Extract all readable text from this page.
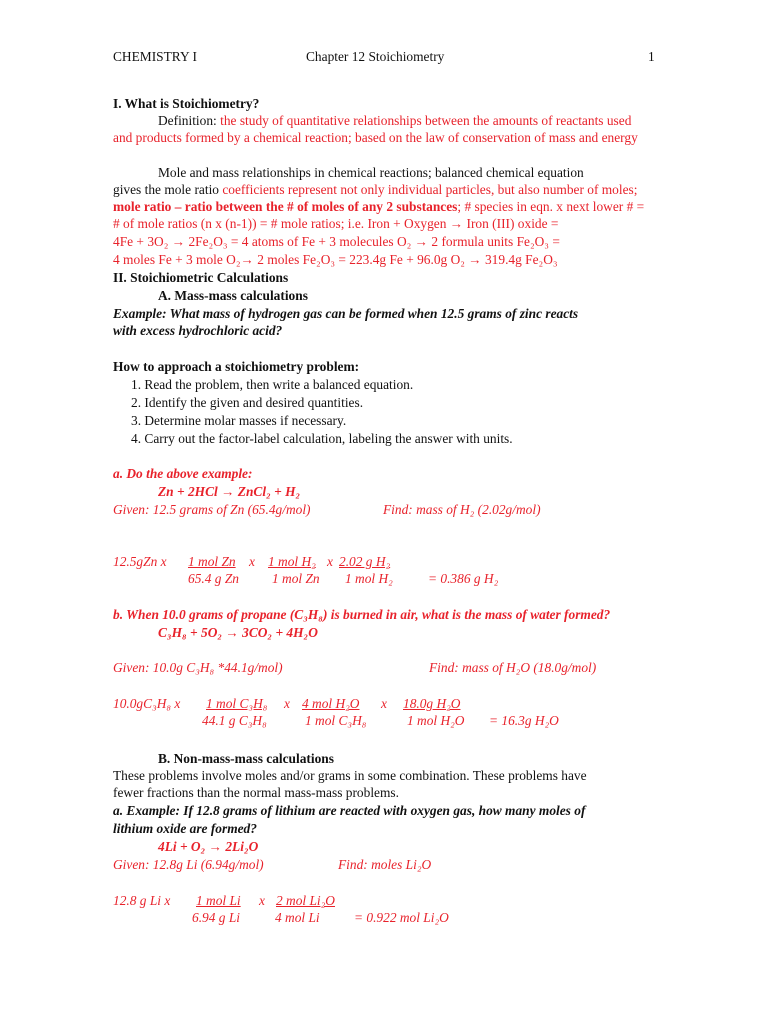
CHEMISTRY I	Chapter 12 Stoichiometry	1
I. What is Stoichiometry?
Definition: the study of quantitative relationships between the amounts of reactants used
and products formed by a chemical reaction; based on the law of conservation of mass and energy
Mole and mass relationships in chemical reactions; balanced chemical equation
gives the mole ratio coefficients represent not only individual particles, but also number of moles;
mole ratio – ratio between the # of moles of any 2 substances; # species in eqn. x next lower # =
# of mole ratios (n x (n-1)) = # mole ratios; i.e. Iron + Oxygen → Iron (III) oxide =
4Fe + 3O₂ → 2Fe₂O₃ = 4 atoms of Fe + 3 molecules O₂ → 2 formula units Fe₂O₃ =
4 moles Fe + 3 mole O₂→ 2 moles Fe₂O₃ = 223.4g Fe + 96.0g O₂ → 319.4g Fe₂O₃
II. Stoichiometric Calculations
A. Mass-mass calculations
Example: What mass of hydrogen gas can be formed when 12.5 grams of zinc reacts
with excess hydrochloric acid?
How to approach a stoichiometry problem:
1. Read the problem, then write a balanced equation.
2. Identify the given and desired quantities.
3. Determine molar masses if necessary.
4. Carry out the factor-label calculation, labeling the answer with units.
a. Do the above example:
Zn + 2HCl → ZnCl₂ + H₂
Given: 12.5 grams of Zn (65.4g/mol)	Find: mass of H₂ (2.02g/mol)
12.5gZn x 1 mol Zn x 1 mol H₂ x 2.02 g H₂
65.4 g Zn 1 mol Zn 1 mol H₂	= 0.386 g H₂
b. When 10.0 grams of propane (C₃H₈) is burned in air, what is the mass of water formed?
C₃H₈ + 5O₂ → 3CO₂ + 4H₂O
Given: 10.0g C₃H₈ *44.1g/mol)	Find: mass of H₂O (18.0g/mol)
10.0gC₃H₈ x 1 mol C₃H₈ x 4 mol H₂O x 18.0g H₂O
44.1 g C₃H₈	1 mol C₃H₈	1 mol H₂O = 16.3g H₂O
B. Non-mass-mass calculations
These problems involve moles and/or grams in some combination. These problems have
fewer fractions than the normal mass-mass problems.
a. Example: If 12.8 grams of lithium are reacted with oxygen gas, how many moles of
lithium oxide are formed?
4Li + O₂ → 2Li₂O
Given: 12.8g Li (6.94g/mol)	Find: moles Li₂O
12.8 g Li x 1 mol Li x 2 mol Li₂O
6.94 g Li	4 mol Li	= 0.922 mol Li₂O
